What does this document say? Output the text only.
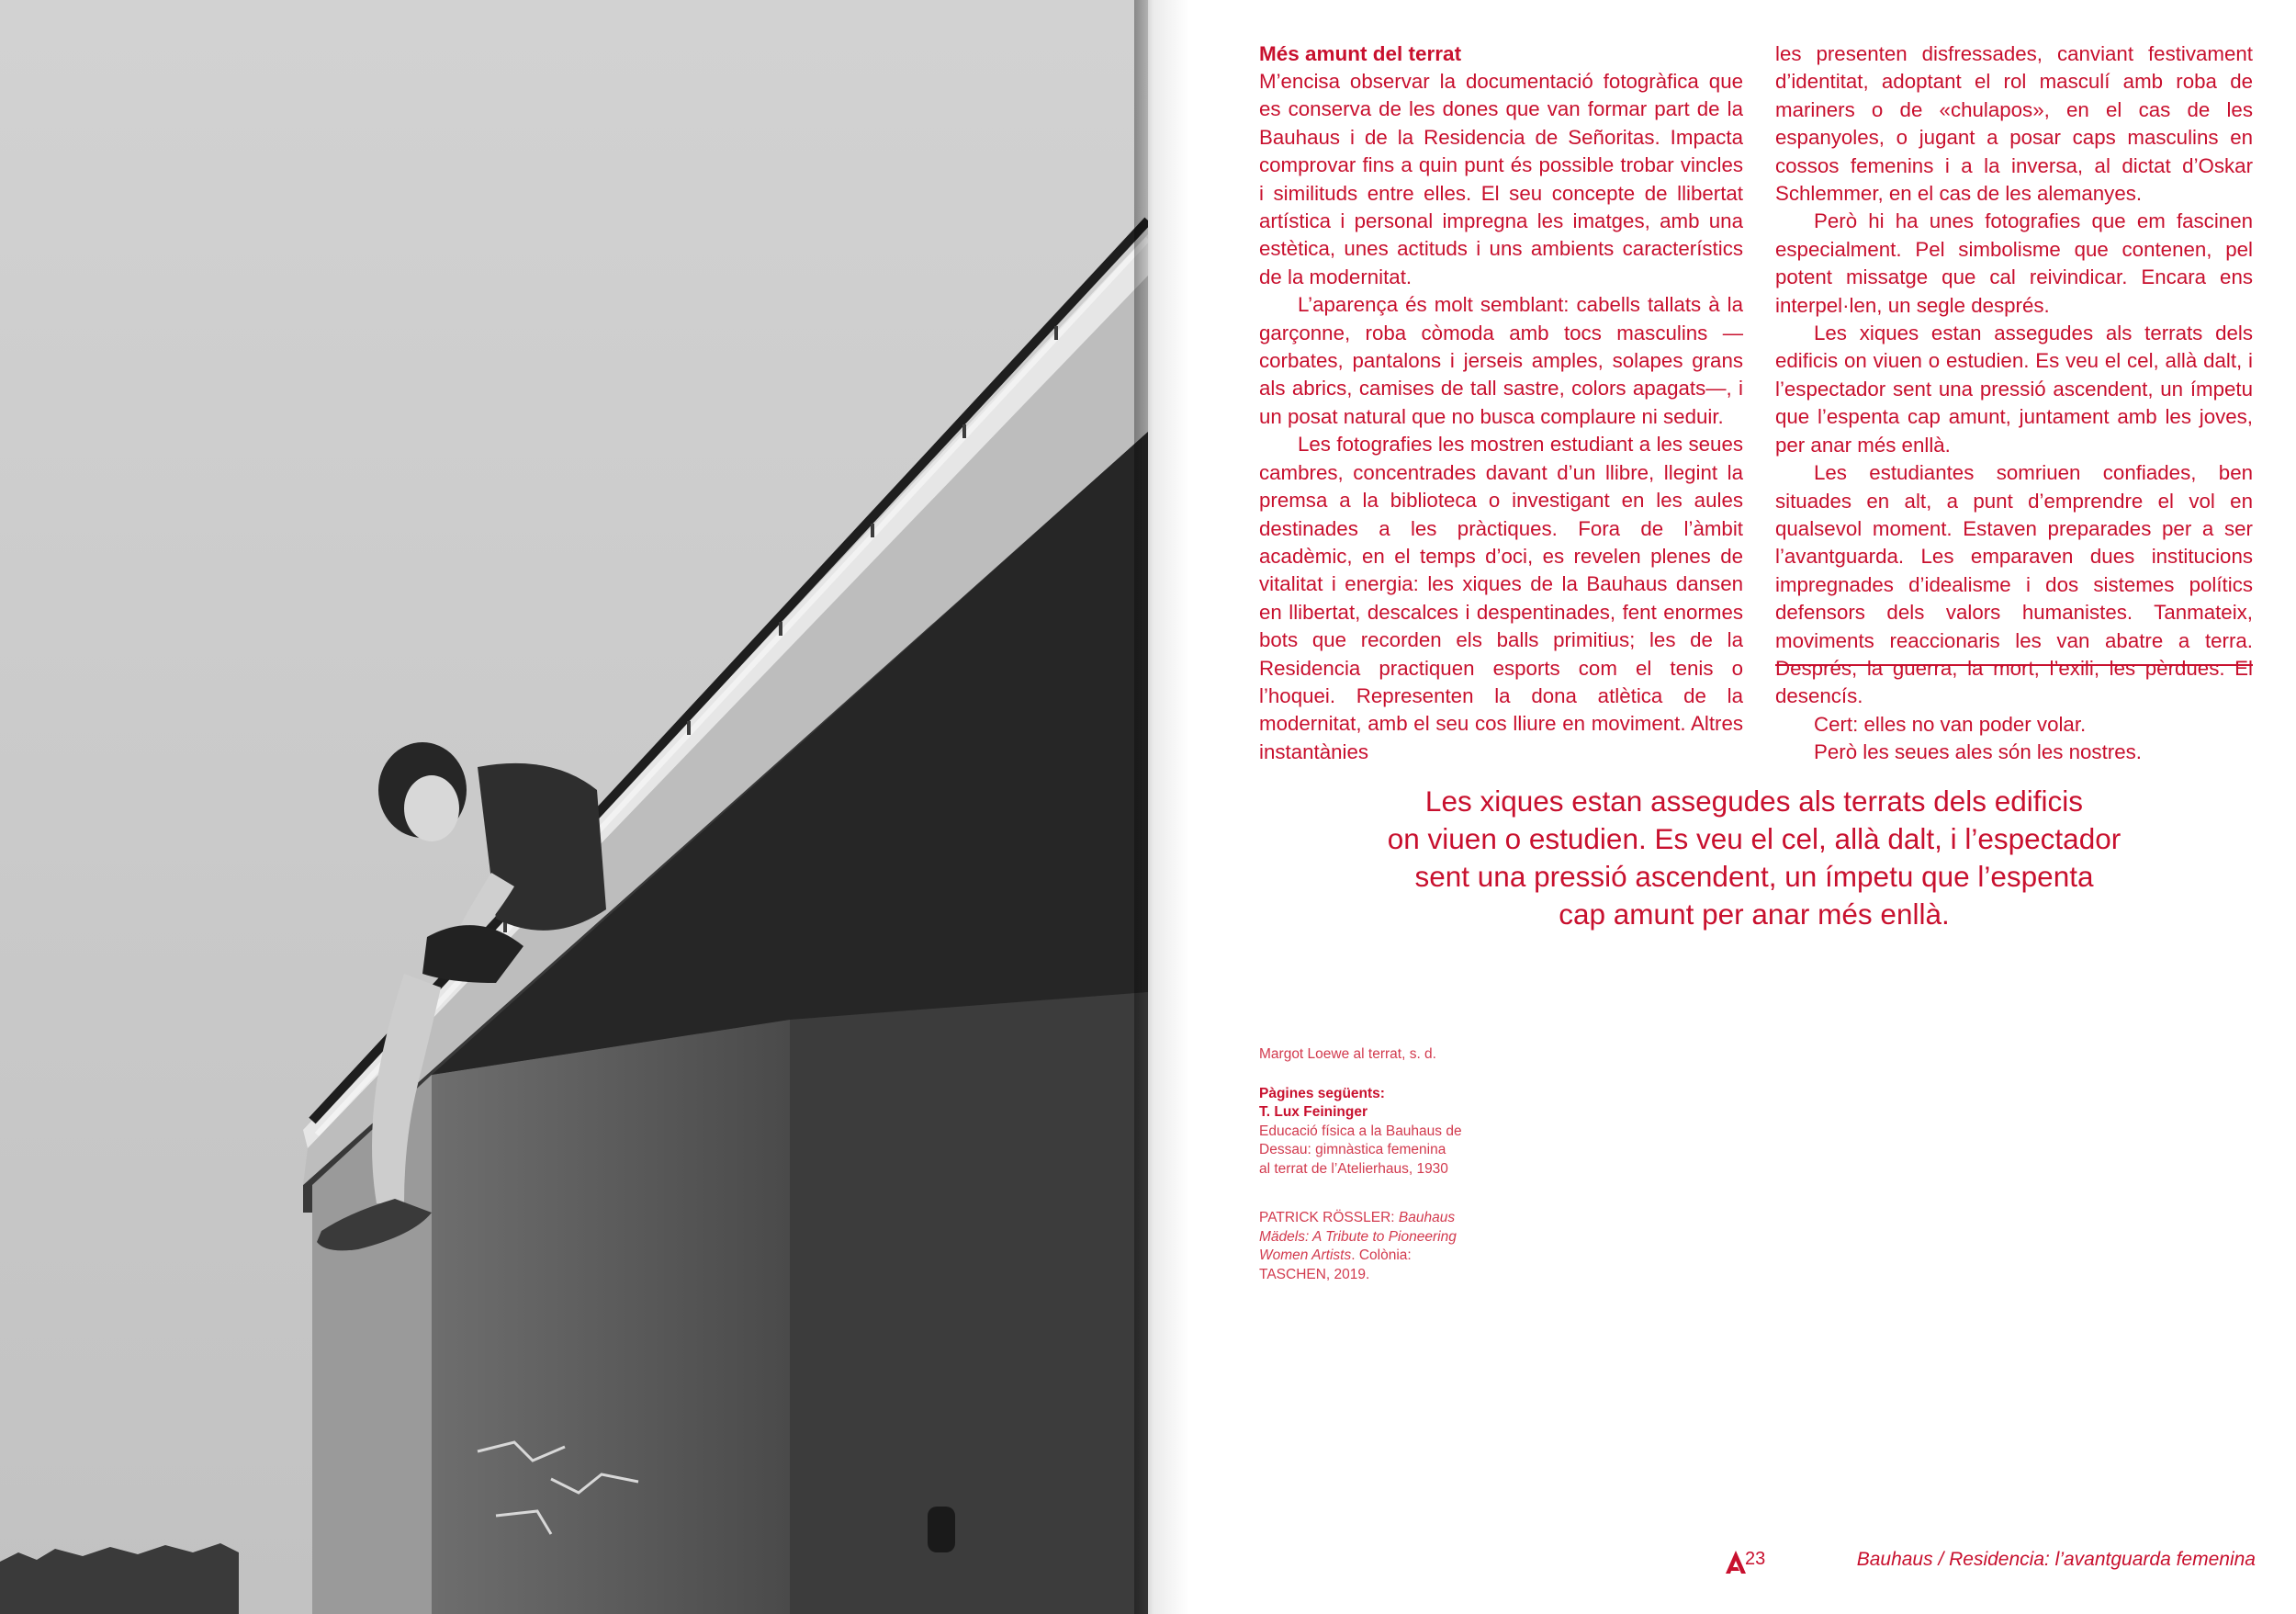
Més amunt del terrat

M’encisa observar la documentació fotogràfica que es conserva de les dones que van formar part de la Bauhaus i de la Residencia de Señoritas. Impacta comprovar fins a quin punt és possible trobar vincles i similituds entre elles. El seu concepte de llibertat artística i personal impregna les imatges, amb una estètica, unes actituds i uns ambients característics de la modernitat.

L’aparença és molt semblant: cabells tallats à la garçonne, roba còmoda amb tocs masculins —corbates, pantalons i jerseis amples, solapes grans als abrics, camises de tall sastre, colors apagats—, i un posat natural que no busca complaure ni seduir.

Les fotografies les mostren estudiant a les seues cambres, concentrades davant d’un llibre, llegint la premsa a la biblioteca o investigant en les aules destinades a les pràctiques. Fora de l’àmbit acadèmic, en el temps d’oci, es revelen plenes de vitalitat i energia: les xiques de la Bauhaus dansen en llibertat, descalces i despentinades, fent enormes bots que recorden els balls primitius; les de la Residencia practiquen esports com el tenis o l’hoquei. Representen la dona atlètica de la modernitat, amb el seu cos lliure en moviment. Altres instantànies

les presenten disfressades, canviant festivament d’identitat, adoptant el rol masculí amb roba de mariners o de «chulapos», en el cas de les espanyoles, o jugant a posar caps masculins en cossos femenins i a la inversa, al dictat d’Oskar Schlemmer, en el cas de les alemanyes.

Però hi ha unes fotografies que em fascinen especialment. Pel simbolisme que contenen, pel potent missatge que cal reivindicar. Encara ens interpel·len, un segle després.

Les xiques estan assegudes als terrats dels edificis on viuen o estudien. Es veu el cel, allà dalt, i l’espectador sent una pressió ascendent, un ímpetu que l’espenta cap amunt, juntament amb les joves, per anar més enllà.

Les estudiantes somriuen confiades, ben situades en alt, a punt d’emprendre el vol en qualsevol moment. Estaven preparades per a ser l’avantguarda. Les emparaven dues institucions impregnades d’idealisme i dos sistemes polítics defensors dels valors humanistes. Tanmateix, moviments reaccionaris les van abatre a terra. Després, la guerra, la mort, l’exili, les pèrdues. El desencís.

Cert: elles no van poder volar.

Però les seues ales són les nostres.

Les xiques estan assegudes als terrats dels edificis

on viuen o estudien. Es veu el cel, allà dalt, i l’espectador

sent una pressió ascendent, un ímpetu que l’espenta

cap amunt per anar més enllà.

Margot Loewe al terrat, s. d.

Pàgines següents:

T. Lux Feininger

Educació física a la Bauhaus de

Dessau: gimnàstica femenina

al terrat de l’Atelierhaus, 1930

PATRICK RÖSSLER: Bauhaus

Mädels: A Tribute to Pioneering

Women Artists. Colònia:

TASCHEN, 2019.

23	Bauhaus / Residencia: l’avantguarda femenina
